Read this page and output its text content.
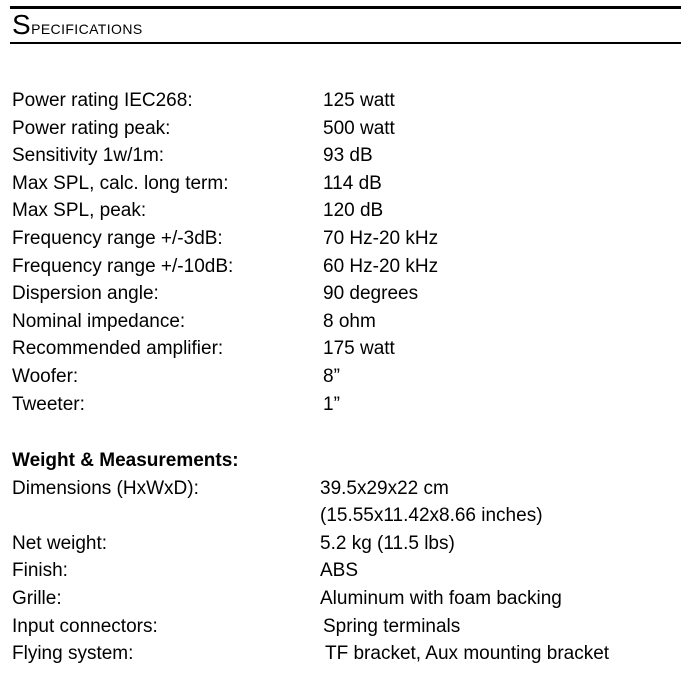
Specifications
Power rating IEC268:	125 watt
Power rating peak:	500 watt
Sensitivity 1w/1m:	93 dB
Max SPL, calc. long term:	114 dB
Max SPL, peak:	120 dB
Frequency range +/-3dB:	70 Hz-20 kHz
Frequency range +/-10dB:	60 Hz-20 kHz
Dispersion angle:	90 degrees
Nominal impedance:	8 ohm
Recommended amplifier:	175 watt
Woofer:	8”
Tweeter:	1”
Weight & Measurements:
Dimensions (HxWxD):	39.5x29x22 cm
(15.55x11.42x8.66 inches)
Net weight:	5.2 kg (11.5 lbs)
Finish:	ABS
Grille:	Aluminum with foam backing
Input connectors:	Spring terminals
Flying system:	TF bracket, Aux mounting bracket
